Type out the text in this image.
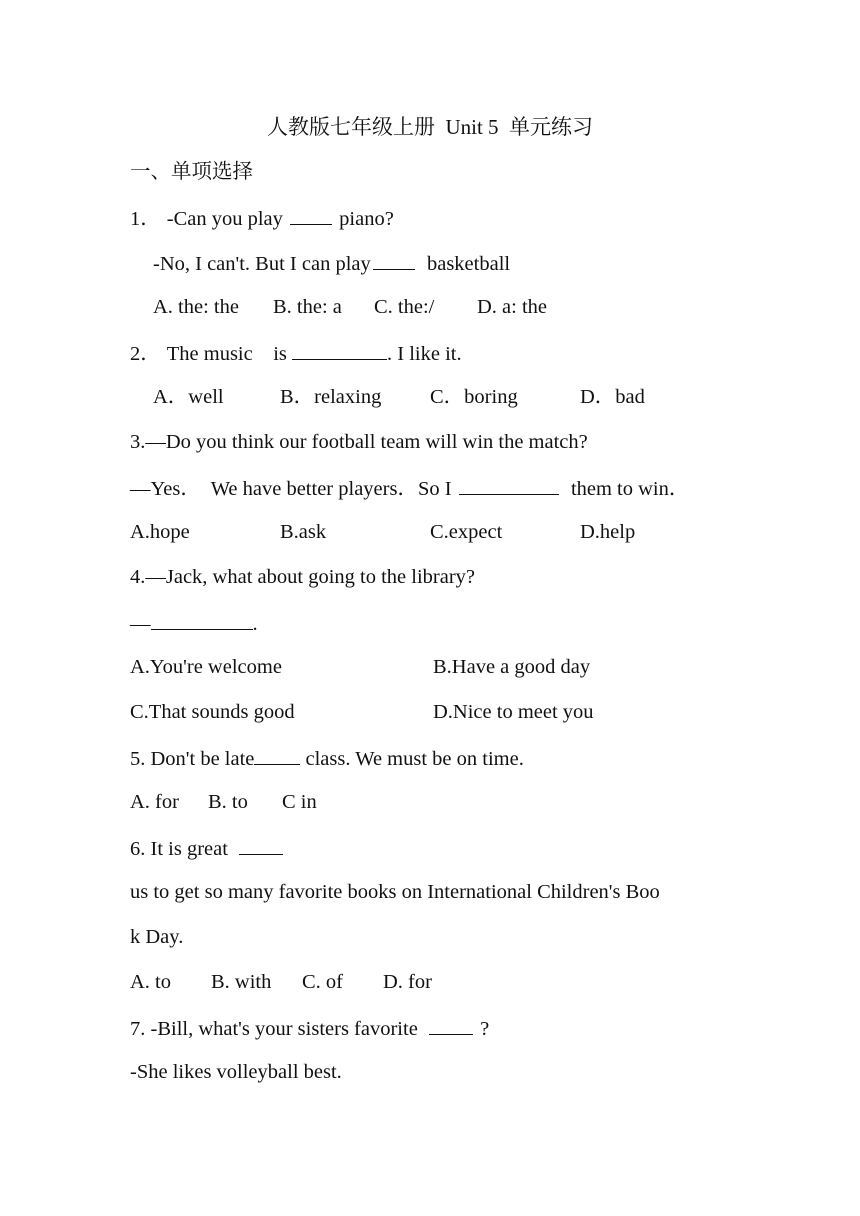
人教版七年级上册  Unit 5  单元练习
一、单项选择
1． -Can you play  piano?
-No, I can't. But I can play  basketball
A. the: the B. the: a C. the:/ D. a: the
2． The music    is	. I like it.
A．well	B．relaxing C．boring	D．bad
3.—Do you think our football team will win the match?
—Yes．  We have better players．So I	them to win．
A.hope	B.ask	C.expect	D.help
4.—Jack, what about going to the library?
—	.
A.You're welcome	B.Have a good day
C.That sounds good	D.Nice to meet you
5. Don't be late class. We must be on time.
A. for B. to C in
6. It is great
us to get so many favorite books on International Children's Boo
k Day.
A. to B. with C. of D. for
7. -Bill, what's your sisters favorite	?
-She likes volleyball best.
